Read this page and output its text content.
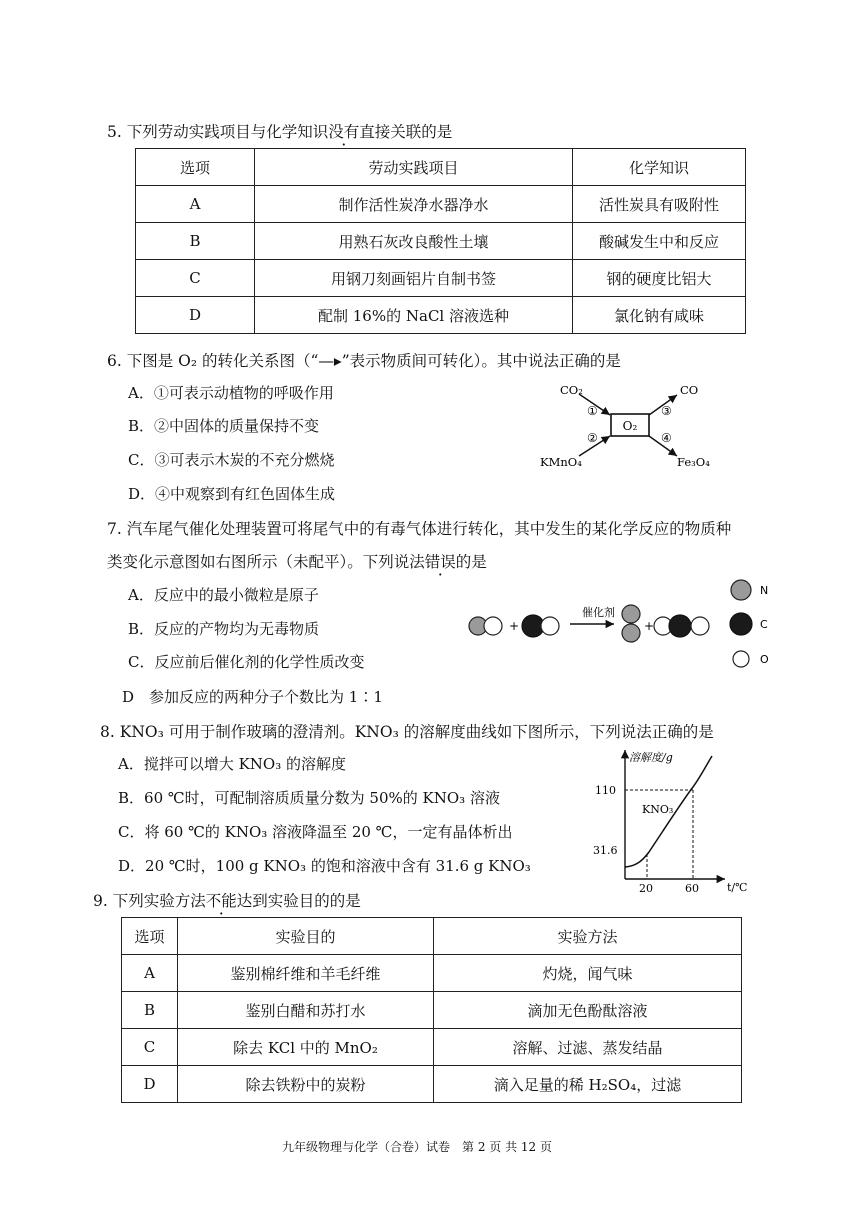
5. 下列劳动实践项目与化学知识没有直接关联的是
选项	劳动实践项目	化学知识
A	制作活性炭净水器净水	活性炭具有吸附性
B	用熟石灰改良酸性土壤	酸碱发生中和反应
C	用钢刀刻画铝片自制书签	钢的硬度比铝大
D	配制 16%的 NaCl 溶液选种	氯化钠有咸味
6. 下图是 O₂ 的转化关系图（“—▸”表示物质间可转化）。其中说法正确的是
A．①可表示动植物的呼吸作用
B．②中固体的质量保持不变
C．③可表示木炭的不充分燃烧
D．④中观察到有红色固体生成
O₂
CO₂	CO
KMnO₄	Fe₃O₄
①
②
③
④
7. 汽车尾气催化处理装置可将尾气中的有毒气体进行转化，其中发生的某化学反应的物质种
类变化示意图如右图所示（未配平）。下列说法错误的是
A．反应中的最小微粒是原子
B．反应的产物均为无毒物质
C．反应前后催化剂的化学性质改变
D　参加反应的两种分子个数比为 1∶1
+
催化剂
+
N
C
O
8. KNO₃ 可用于制作玻璃的澄清剂。KNO₃ 的溶解度曲线如下图所示，下列说法正确的是
A．搅拌可以增大 KNO₃ 的溶解度
B．60 ℃时，可配制溶质质量分数为 50%的 KNO₃ 溶液
C．将 60 ℃的 KNO₃ 溶液降温至 20 ℃，一定有晶体析出
D．20 ℃时，100 g KNO₃ 的饱和溶液中含有 31.6 g KNO₃
溶解度/g
t/℃
110
31.6
20	60
KNO₃
9. 下列实验方法不能达到实验目的的是
选项	实验目的	实验方法
A	鉴别棉纤维和羊毛纤维	灼烧，闻气味
B	鉴别白醋和苏打水	滴加无色酚酞溶液
C	除去 KCl 中的 MnO₂	溶解、过滤、蒸发结晶
D	除去铁粉中的炭粉	滴入足量的稀 H₂SO₄，过滤
九年级物理与化学（合卷）试卷　第 2 页 共 12 页
